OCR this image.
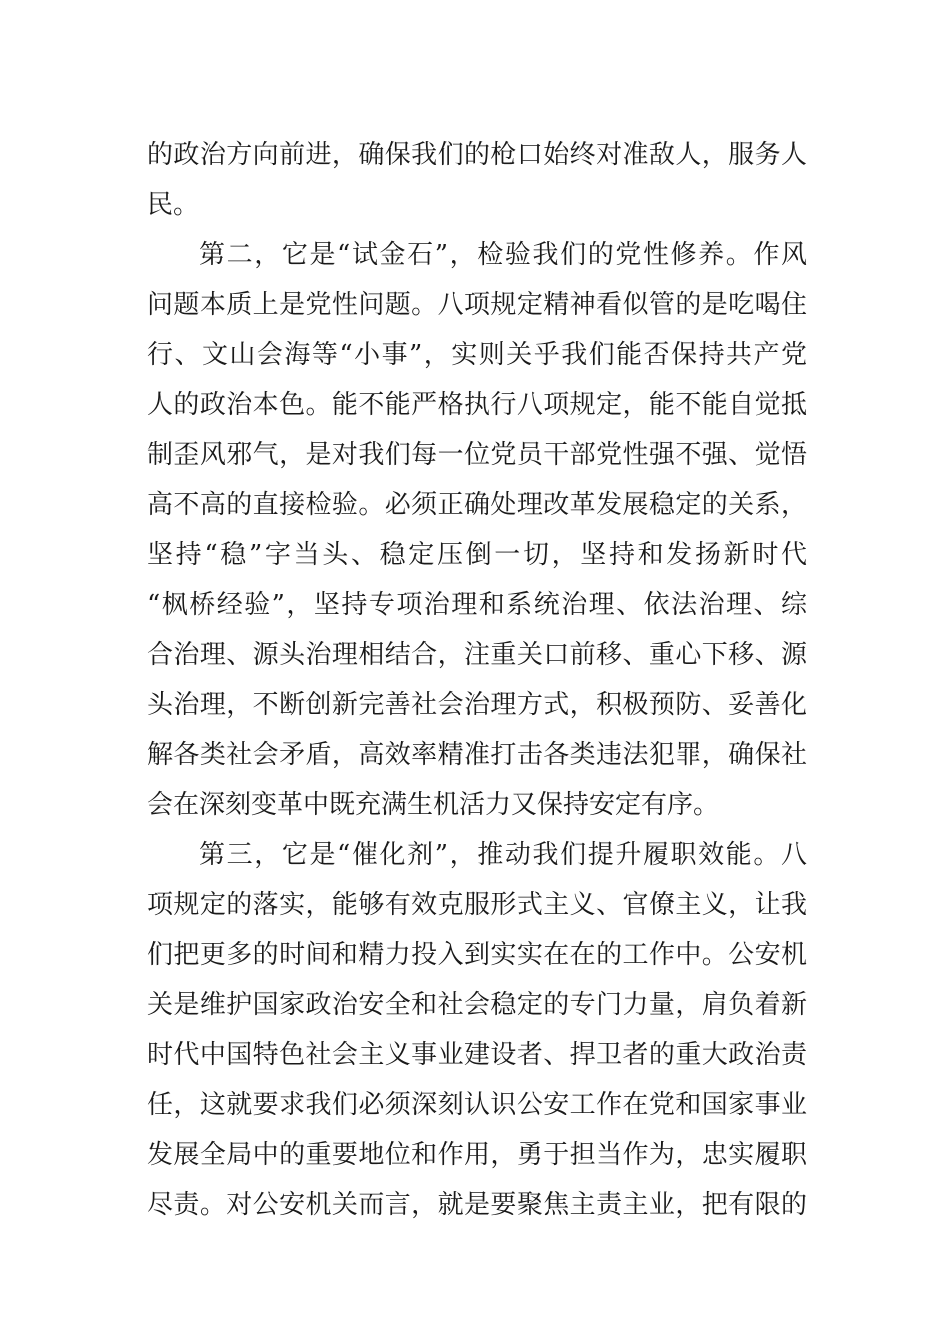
的政治方向前进，确保我们的枪口始终对准敌人，服务人
民。
第二，它是“试金石”，检验我们的党性修养。作风
问题本质上是党性问题。八项规定精神看似管的是吃喝住
行、文山会海等“小事”，实则关乎我们能否保持共产党
人的政治本色。能不能严格执行八项规定，能不能自觉抵
制歪风邪气，是对我们每一位党员干部党性强不强、觉悟
高不高的直接检验。必须正确处理改革发展稳定的关系，
坚持“稳”字当头、稳定压倒一切，坚持和发扬新时代
“枫桥经验”，坚持专项治理和系统治理、依法治理、综
合治理、源头治理相结合，注重关口前移、重心下移、源
头治理，不断创新完善社会治理方式，积极预防、妥善化
解各类社会矛盾，高效率精准打击各类违法犯罪，确保社
会在深刻变革中既充满生机活力又保持安定有序。
第三，它是“催化剂”，推动我们提升履职效能。八
项规定的落实，能够有效克服形式主义、官僚主义，让我
们把更多的时间和精力投入到实实在在的工作中。公安机
关是维护国家政治安全和社会稳定的专门力量，肩负着新
时代中国特色社会主义事业建设者、捍卫者的重大政治责
任，这就要求我们必须深刻认识公安工作在党和国家事业
发展全局中的重要地位和作用，勇于担当作为，忠实履职
尽责。对公安机关而言，就是要聚焦主责主业，把有限的
